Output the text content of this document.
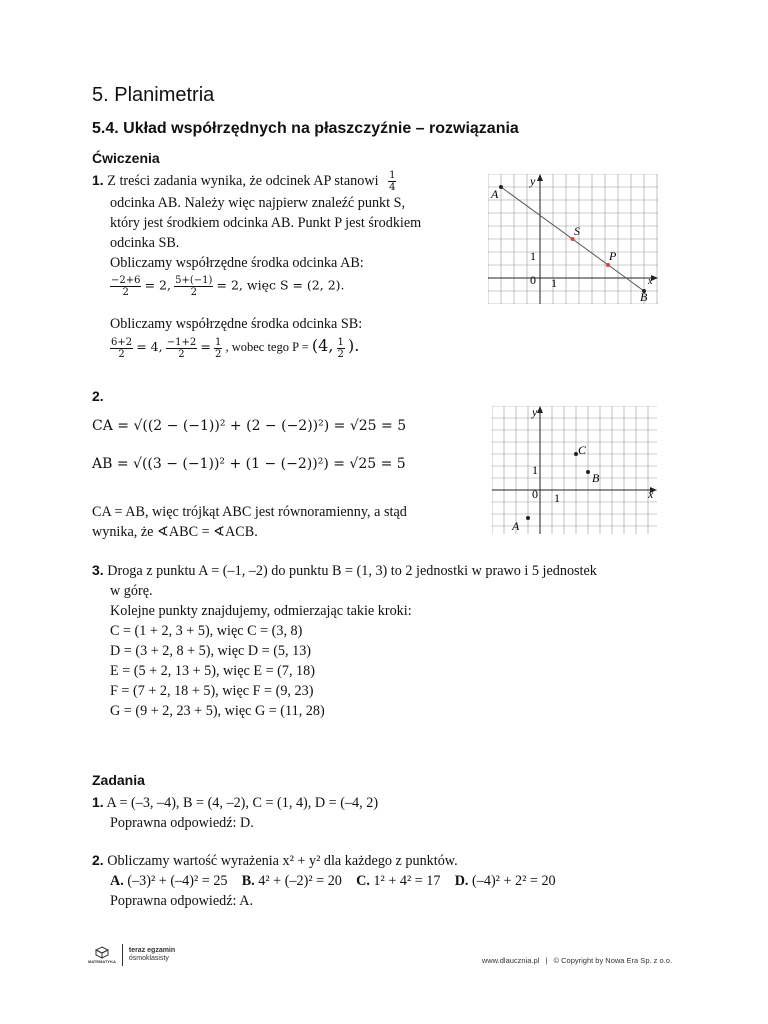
5. Planimetria
5.4. Układ współrzędnych na płaszczyźnie – rozwiązania
Ćwiczenia
1. Z treści zadania wynika, że odcinek AP stanowi $\frac{1}{4}$
odcinka AB. Należy więc najpierw znaleźć punkt S,
który jest środkiem odcinka AB. Punkt P jest środkiem
odcinka SB.
Obliczamy współrzędne środka odcinka AB:
$\frac{-2+6}{2} = 2$, $\frac{5+(-1)}{2} = 2$, więc S = (2, 2).
Obliczamy współrzędne środka odcinka SB:
$\frac{6+2}{2} = 4$, $\frac{-1+2}{2} = \frac{1}{2}$ , wobec tego P = (4, $\frac{1}{2}$ ).
y
x
1
0 1
A
S
P
B
2.
CA = √((2 − (−1))² + (2 − (−2))²) = √25 = 5
AB = √((3 − (−1))² + (1 − (−2))²) = √25 = 5
CA = AB, więc trójkąt ABC jest równoramienny, a stąd
wynika, że ∢ABC = ∢ACB.
y
x
1
0 1
C
B
A
3. Droga z punktu A = (–1, –2) do punktu B = (1, 3) to 2 jednostki w prawo i 5 jednostek
w górę.
Kolejne punkty znajdujemy, odmierzając takie kroki:
C = (1 + 2, 3 + 5), więc C = (3, 8)
D = (3 + 2, 8 + 5), więc D = (5, 13)
E = (5 + 2, 13 + 5), więc E = (7, 18)
F = (7 + 2, 18 + 5), więc F = (9, 23)
G = (9 + 2, 23 + 5), więc G = (11, 28)
Zadania
1. A = (–3, –4), B = (4, –2), C = (1, 4), D = (–4, 2)
Poprawna odpowiedź: D.
2. Obliczamy wartość wyrażenia x² + y² dla każdego z punktów.
A. (–3)² + (–4)² = 25 B. 4² + (–2)² = 20 C. 1² + 4² = 17 D. (–4)² + 2² = 20
Poprawna odpowiedź: A.
MATEMATYKA
teraz egzamin
ósmoklasisty	www.dlaucznia.pl | © Copyright by Nowa Era Sp. z o.o.
